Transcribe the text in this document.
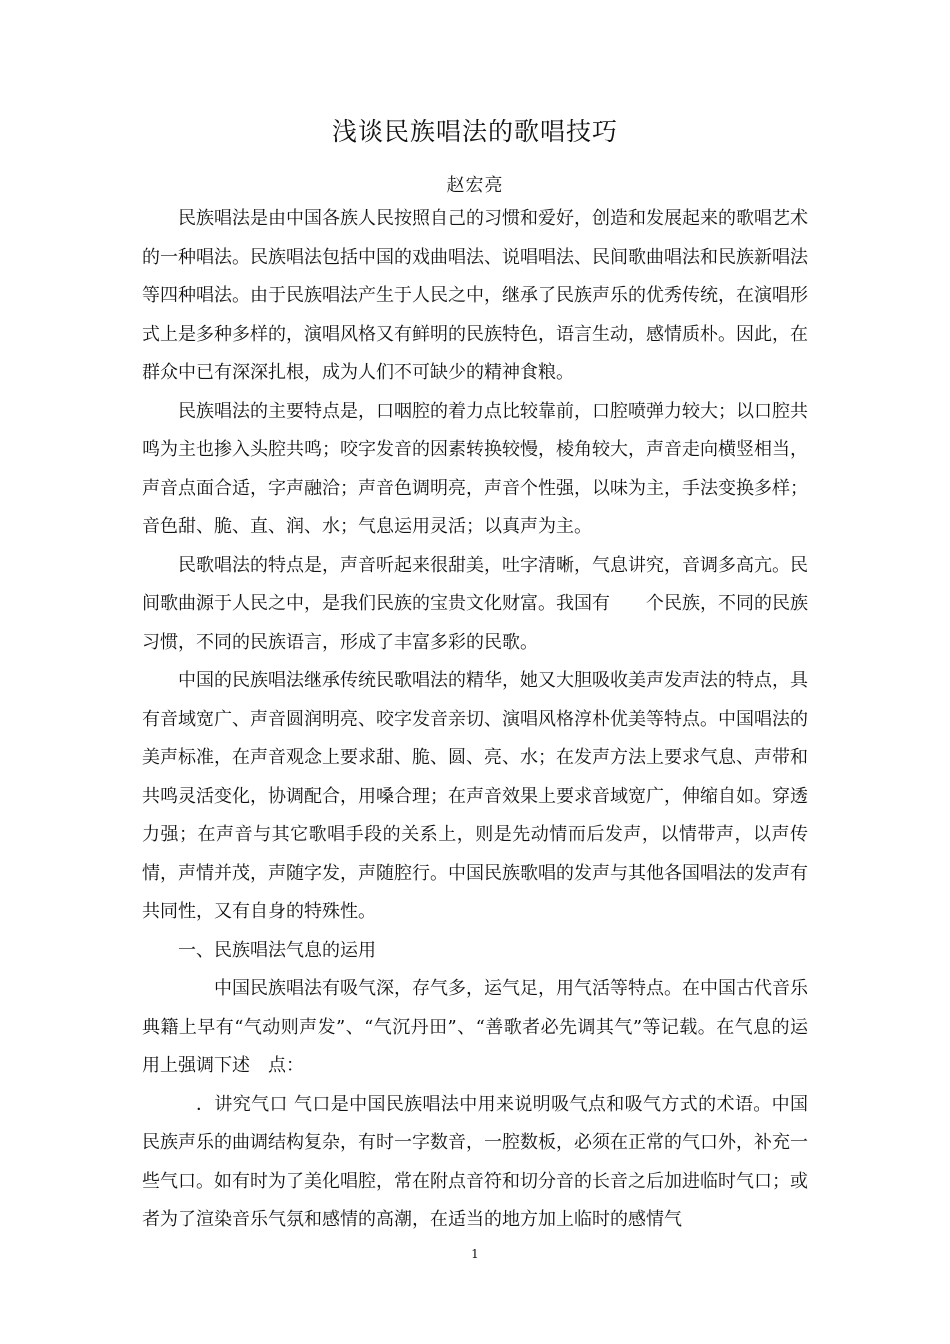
浅谈民族唱法的歌唱技巧
赵宏亮

民族唱法是由中国各族人民按照自己的习惯和爱好，创造和发展起来的歌唱艺术的一种唱法。民族唱法包括中国的戏曲唱法、说唱唱法、民间歌曲唱法和民族新唱法等四种唱法。由于民族唱法产生于人民之中，继承了民族声乐的优秀传统，在演唱形式上是多种多样的，演唱风格又有鲜明的民族特色，语言生动，感情质朴。因此，在群众中已有深深扎根，成为人们不可缺少的精神食粮。

民族唱法的主要特点是，口咽腔的着力点比较靠前，口腔喷弹力较大；以口腔共鸣为主也掺入头腔共鸣；咬字发音的因素转换较慢，棱角较大，声音走向横竖相当，声音点面合适，字声融洽；声音色调明亮，声音个性强，以味为主，手法变换多样；音色甜、脆、直、润、水；气息运用灵活；以真声为主。

民歌唱法的特点是，声音听起来很甜美，吐字清晰，气息讲究，音调多高亢。民间歌曲源于人民之中，是我们民族的宝贵文化财富。我国有　　个民族，不同的民族习惯，不同的民族语言，形成了丰富多彩的民歌。

中国的民族唱法继承传统民歌唱法的精华，她又大胆吸收美声发声法的特点，具有音域宽广、声音圆润明亮、咬字发音亲切、演唱风格淳朴优美等特点。中国唱法的美声标准，在声音观念上要求甜、脆、圆、亮、水；在发声方法上要求气息、声带和共鸣灵活变化，协调配合，用嗓合理；在声音效果上要求音域宽广，伸缩自如。穿透力强；在声音与其它歌唱手段的关系上，则是先动情而后发声，以情带声，以声传情，声情并茂，声随字发，声随腔行。中国民族歌唱的发声与其他各国唱法的发声有共同性，又有自身的特殊性。

一、民族唱法气息的运用

中国民族唱法有吸气深，存气多，运气足，用气活等特点。在中国古代音乐典籍上早有“气动则声发”、“气沉丹田”、“善歌者必先调其气”等记载。在气息的运用上强调下述　点：

．讲究气口 气口是中国民族唱法中用来说明吸气点和吸气方式的术语。中国民族声乐的曲调结构复杂，有时一字数音，一腔数板，必须在正常的气口外，补充一些气口。如有时为了美化唱腔，常在附点音符和切分音的长音之后加进临时气口；或者为了渲染音乐气氛和感情的高潮，在适当的地方加上临时的感情气

1
